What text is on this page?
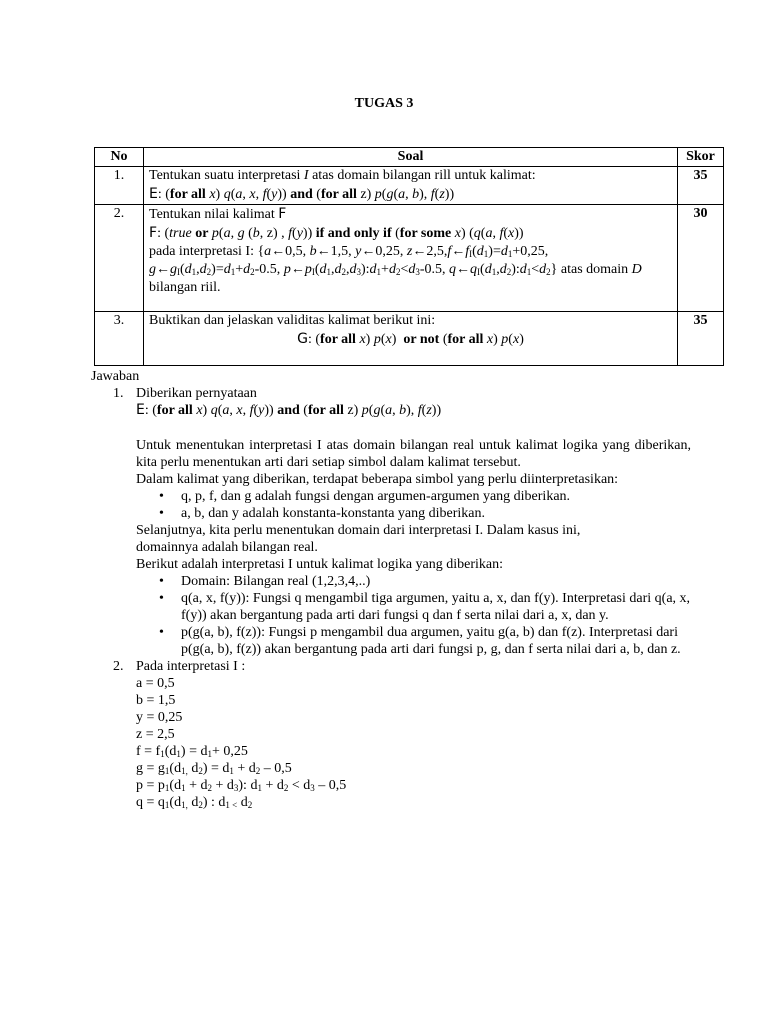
TUGAS 3
No	Soal	Skor
1.	Tentukan suatu interpretasi I atas domain bilangan rill untuk kalimat:
E: (for all x) q(a, x, f(y)) and (for all z) p(g(a, b), f(z))	35
2.	Tentukan nilai kalimat F
F: (true or p(a, g (b, z) , f(y)) if and only if (for some x) (q(a, f(x))
pada interpretasi I: {a←0,5, b←1,5, y←0,25, $z\leftarrow 2,5,f\leftarrow f_I(d_1)=d_1+0,25$,
$g\leftarrow g_I(d_1,d_2)=d_1+d_2-0.5$, $p\leftarrow p_I(d_1,d_2,d_3):d_1+d_2<d_3-0.5$, $q\leftarrow q_I(d_1,d_2):d_1<d_2$} atas domain D
bilangan riil.	30
3.	Buktikan dan jelaskan validitas kalimat berikut ini:
G: (for all x) p(x)  or not (for all x) p(x)	35

Jawaban

1. Diberikan pernyataan

E: (for all x) q(a, x, f(y)) and (for all z) p(g(a, b), f(z))

Untuk menentukan interpretasi I atas domain bilangan real untuk kalimat logika yang diberikan, kita perlu menentukan arti dari setiap simbol dalam kalimat tersebut.

Dalam kalimat yang diberikan, terdapat beberapa simbol yang perlu diinterpretasikan:

• q, p, f, dan g adalah fungsi dengan argumen-argumen yang diberikan.
• a, b, dan y adalah konstanta-konstanta yang diberikan.

Selanjutnya, kita perlu menentukan domain dari interpretasi I. Dalam kasus ini,

domainnya adalah bilangan real.

Berikut adalah interpretasi I untuk kalimat logika yang diberikan:

• Domain: Bilangan real (1,2,3,4,..)
• q(a, x, f(y)): Fungsi q mengambil tiga argumen, yaitu a, x, dan f(y). Interpretasi dari q(a, x, f(y)) akan bergantung pada arti dari fungsi q dan f serta nilai dari a, x, dan y.
• p(g(a, b), f(z)): Fungsi p mengambil dua argumen, yaitu g(a, b) dan f(z). Interpretasi dari p(g(a, b), f(z)) akan bergantung pada arti dari fungsi p, g, dan f serta nilai dari a, b, dan z.
2. Pada interpretasi I :

a = 0,5

b = 1,5

y = 0,25

z = 2,5

$f = f_1(d_1) = d_1+ 0,25$

$g = g_1(d_{1,}$ $d_2) = d_1 + d_2 - 0,5$

$p = p_1(d_1 + d_2 + d_3)$: $d_1 + d_2 < d_3 - 0,5$

$q = q_1(d_{1,}$ $d_2$) : $d_{1 <}$ $d_2$
